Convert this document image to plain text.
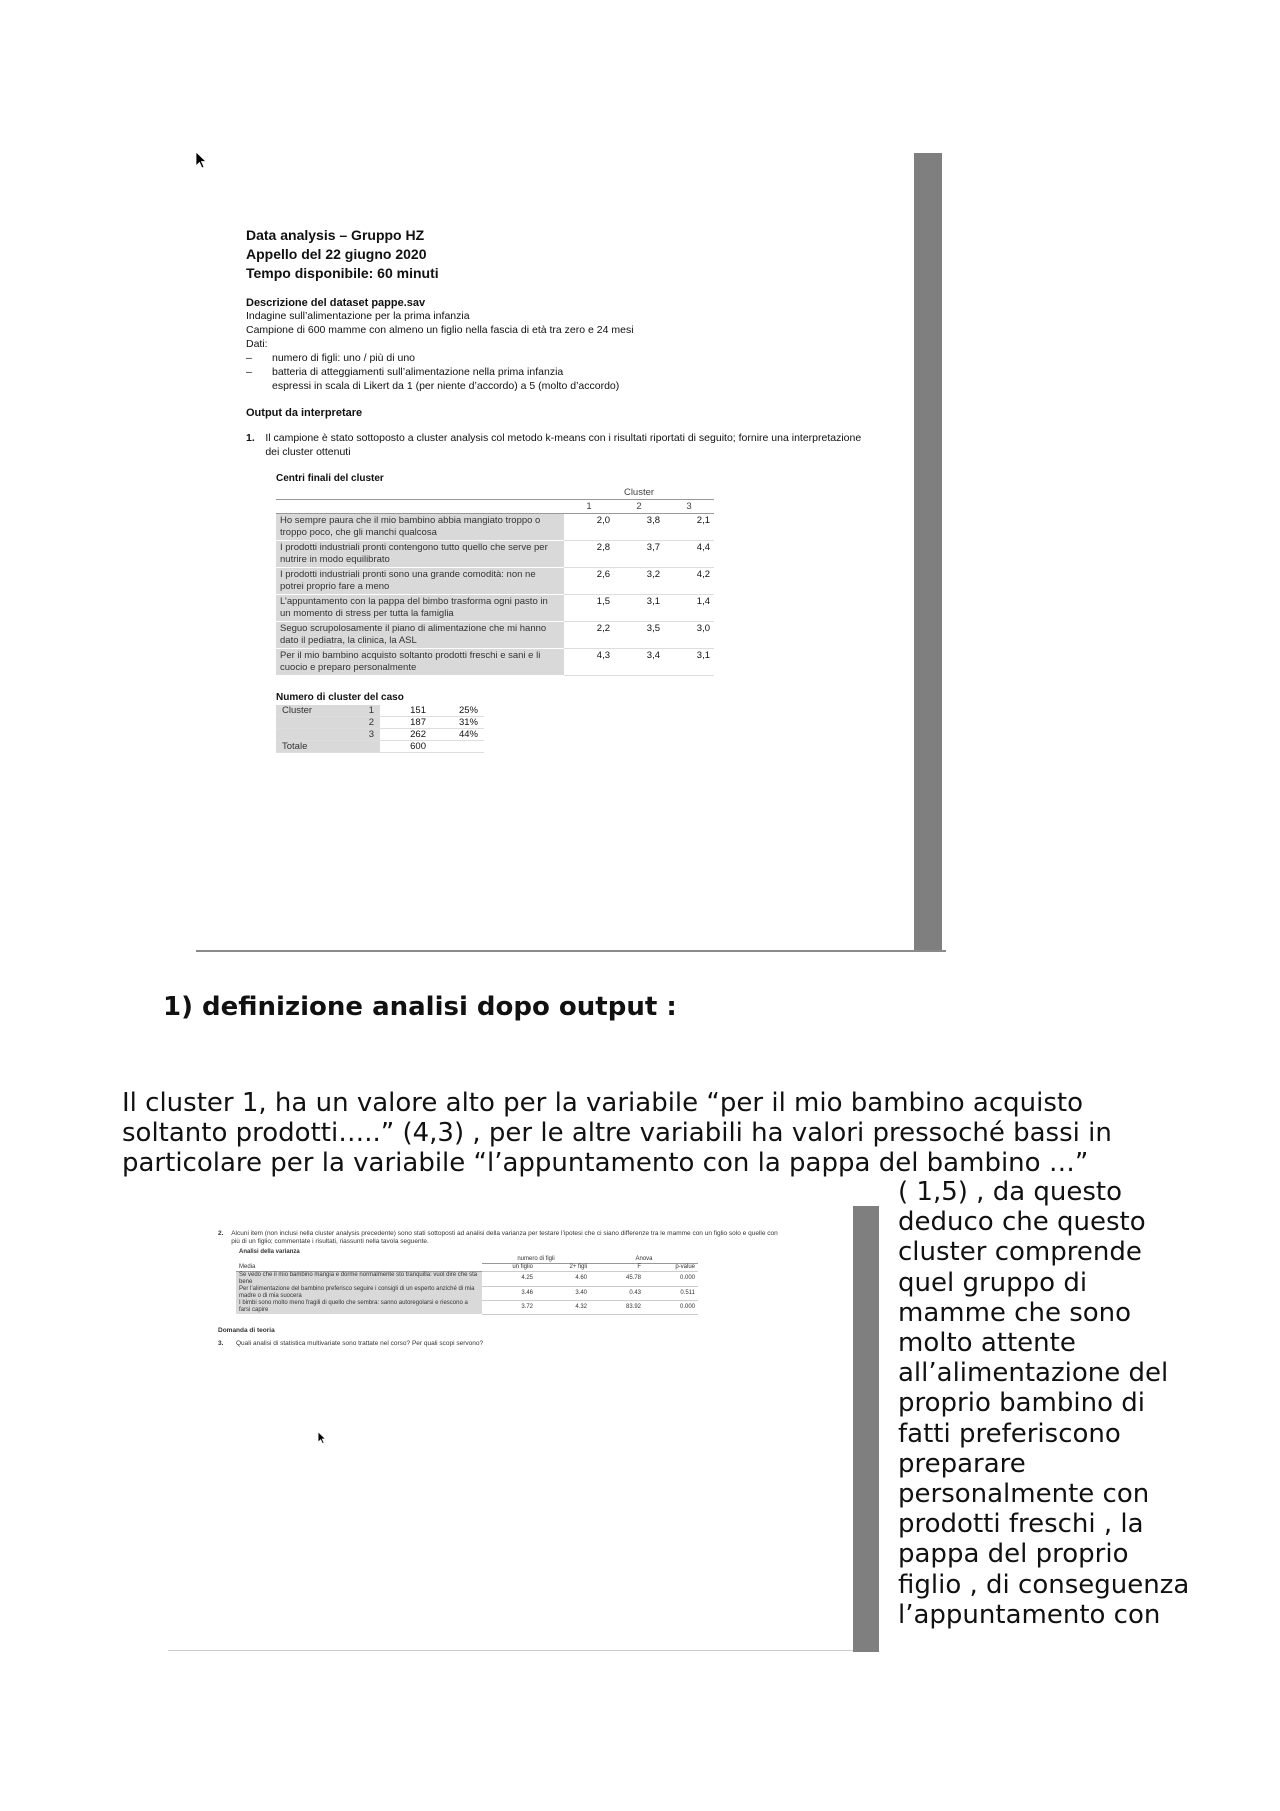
Data analysis – Gruppo HZ
Appello del 22 giugno 2020
Tempo disponibile: 60 minuti
Descrizione del dataset pappe.sav
Indagine sull’alimentazione per la prima infanzia
Campione di 600 mamme con almeno un figlio nella fascia di età tra zero e 24 mesi
Dati:
– numero di figli: uno / più di uno
– batteria di atteggiamenti sull’alimentazione nella prima infanzia
espressi in scala di Likert da 1 (per niente d’accordo) a 5 (molto d’accordo)
Output da interpretare
1.	Il campione è stato sottoposto a cluster analysis col metodo k-means con i risultati riportati di seguito; fornire una interpretazione dei cluster ottenuti
Centri finali del cluster
	Cluster		
	1	2	3
Ho sempre paura che il mio bambino abbia mangiato troppo o troppo poco, che gli manchi qualcosa	2,0	3,8	2,1
I prodotti industriali pronti contengono tutto quello che serve per nutrire in modo equilibrato	2,8	3,7	4,4
I prodotti industriali pronti sono una grande comodità: non ne potrei proprio fare a meno	2,6	3,2	4,2
L’appuntamento con la pappa del bimbo trasforma ogni pasto in un momento di stress per tutta la famiglia	1,5	3,1	1,4
Seguo scrupolosamente il piano di alimentazione che mi hanno dato il pediatra, la clinica, la ASL	2,2	3,5	3,0
Per il mio bambino acquisto soltanto prodotti freschi e sani e li cuocio e preparo personalmente	4,3	3,4	3,1
Numero di cluster del caso
Cluster	1	151	25%
	2	187	31%
	3	262	44%
Totale		600	
1) definizione analisi dopo output :

Il cluster 1, ha un valore alto per la variabile “per il mio bambino acquisto soltanto prodotti…..” (4,3) , per le altre variabili ha valori pressoché bassi in particolare per la variabile “l’appuntamento con la pappa del bambino …”

( 1,5) , da questo deduco che questo cluster comprende quel gruppo di mamme che sono molto attente all’alimentazione del proprio bambino di fatti preferiscono preparare personalmente con prodotti freschi , la pappa del proprio figlio , di conseguenza l’appuntamento con

2.	Alcuni item (non inclusi nella cluster analysis precedente) sono stati sottoposti ad analisi della varianza per testare l’ipotesi che ci siano differenze tra le mamme con un figlio solo e quelle con più di un figlio; commentate i risultati, riassunti nella tavola seguente.
Analisi della varianza				
	numero di figli		Anova	
Media	un figlio	2+ figli	F	p-value
Se vedo che il mio bambino mangia e dorme normalmente sto tranquilla: vuol dire che sta bene	4.25	4.60	45.78	0.000
Per l’alimentazione del bambino preferisco seguire i consigli di un esperto anziché di mia madre o di mia suocera	3.46	3.40	0.43	0.511
I bimbi sono molto meno fragili di quello che sembra: sanno autoregolarsi e riescono a farsi capire	3.72	4.32	83.92	0.000
Domanda di teoria
3.	Quali analisi di statistica multivariate sono trattate nel corso? Per quali scopi servono?
